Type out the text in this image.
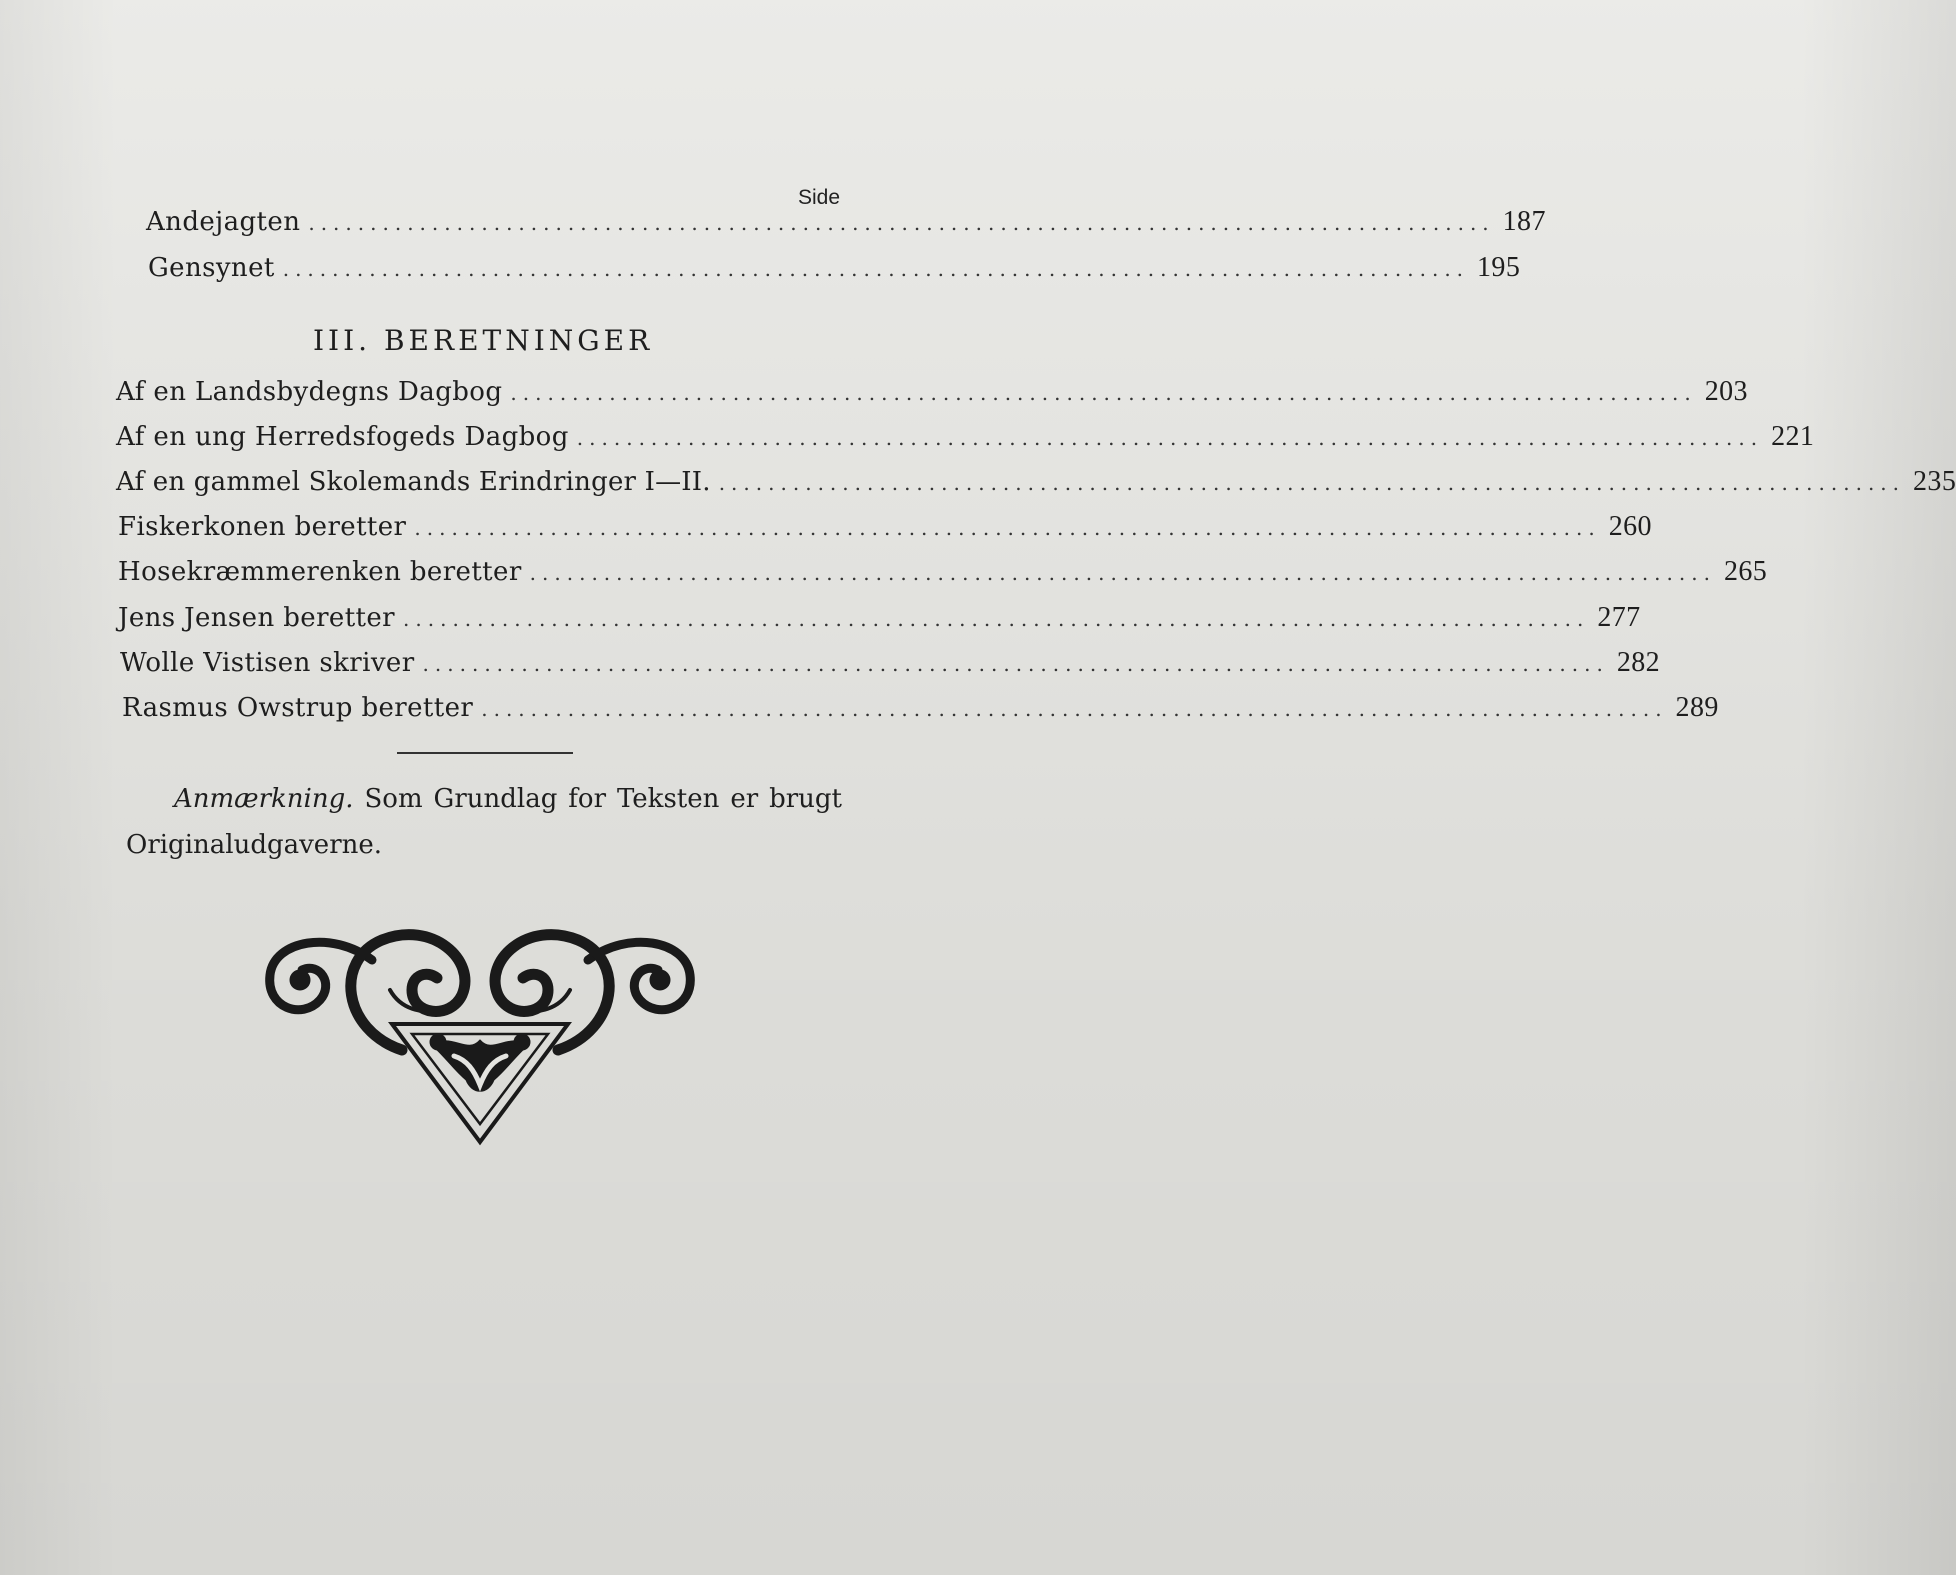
Side
Andejagten ................................................................................................ 187
Gensynet ................................................................................................ 195
III. BERETNINGER
Af en Landsbydegns Dagbog ................................................................................................ 203
Af en ung Herredsfogeds Dagbog ................................................................................................ 221
Af en gammel Skolemands Erindringer I—II. ................................................................................................ 235
Fiskerkonen beretter ................................................................................................ 260
Hosekræmmerenken beretter ................................................................................................ 265
Jens Jensen beretter ................................................................................................ 277
Wolle Vistisen skriver ................................................................................................ 282
Rasmus Owstrup beretter ................................................................................................ 289
Anmærkning. Som Grundlag for Teksten er brugt Originaludgaverne.
